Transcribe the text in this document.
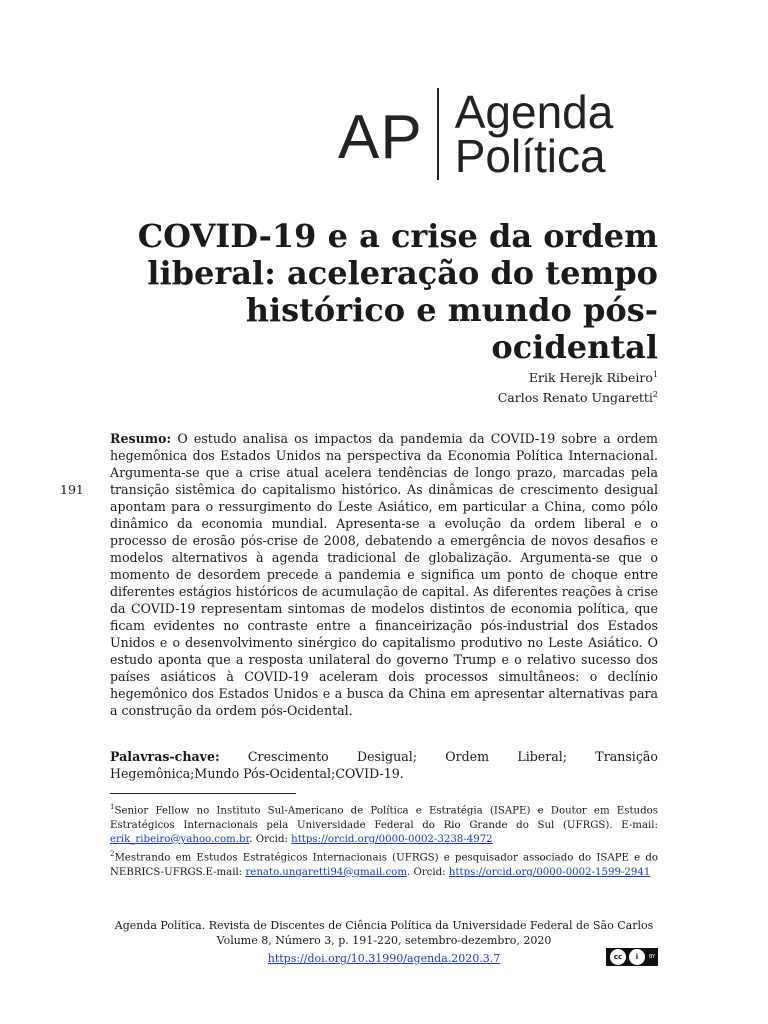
AP Agenda
Política
COVID-19 e a crise da ordem
liberal: aceleração do tempo
histórico e mundo pós-ocidental
Erik Herejk Ribeiro$^1$
Carlos Renato Ungaretti$^2$
191
Resumo: O estudo analisa os impactos da pandemia da COVID-19 sobre a ordem hegemônica dos Estados Unidos na perspectiva da Economia Política Internacional. Argumenta-se que a crise atual acelera tendências de longo prazo, marcadas pela transição sistêmica do capitalismo histórico. As dinâmicas de crescimento desigual apontam para o ressurgimento do Leste Asiático, em particular a China, como pólo dinâmico da economia mundial. Apresenta-se a evolução da ordem liberal e o processo de erosão pós-crise de 2008, debatendo a emergência de novos desafios e modelos alternativos à agenda tradicional de globalização. Argumenta-se que o momento de desordem precede a pandemia e significa um ponto de choque entre diferentes estágios históricos de acumulação de capital. As diferentes reações à crise da COVID-19 representam sintomas de modelos distintos de economia política, que ficam evidentes no contraste entre a financeirização pós-industrial dos Estados Unidos e o desenvolvimento sinérgico do capitalismo produtivo no Leste Asiático. O estudo aponta que a resposta unilateral do governo Trump e o relativo sucesso dos países asiáticos à COVID-19 aceleram dois processos simultâneos: o declínio hegemônico dos Estados Unidos e a busca da China em apresentar alternativas para a construção da ordem pós-Ocidental.
Palavras-chave: Crescimento Desigual; Ordem Liberal; Transição Hegemônica;Mundo Pós-Ocidental;COVID-19.

$^1$Senior Fellow no Instituto Sul-Americano de Política e Estratégia (ISAPE) e Doutor em Estudos Estratégicos Internacionais pela Universidade Federal do Rio Grande do Sul (UFRGS). E-mail: erik_ribeiro@yahoo.com.br. Orcid: https://orcid.org/0000-0002-3238-4972

$^2$Mestrando em Estudos Estratégicos Internacionais (UFRGS) e pesquisador associado do ISAPE e do NEBRICS-UFRGS.E-mail: renato.ungaretti94@gmail.com. Orcid: https://orcid.org/0000-0002-1599-2941

Agenda Política. Revista de Discentes de Ciência Política da Universidade Federal de São Carlos
Volume 8, Número 3, p. 191-220, setembro-dezembro, 2020
https://doi.org/10.31990/agenda.2020.3.7	cc	i	BY
